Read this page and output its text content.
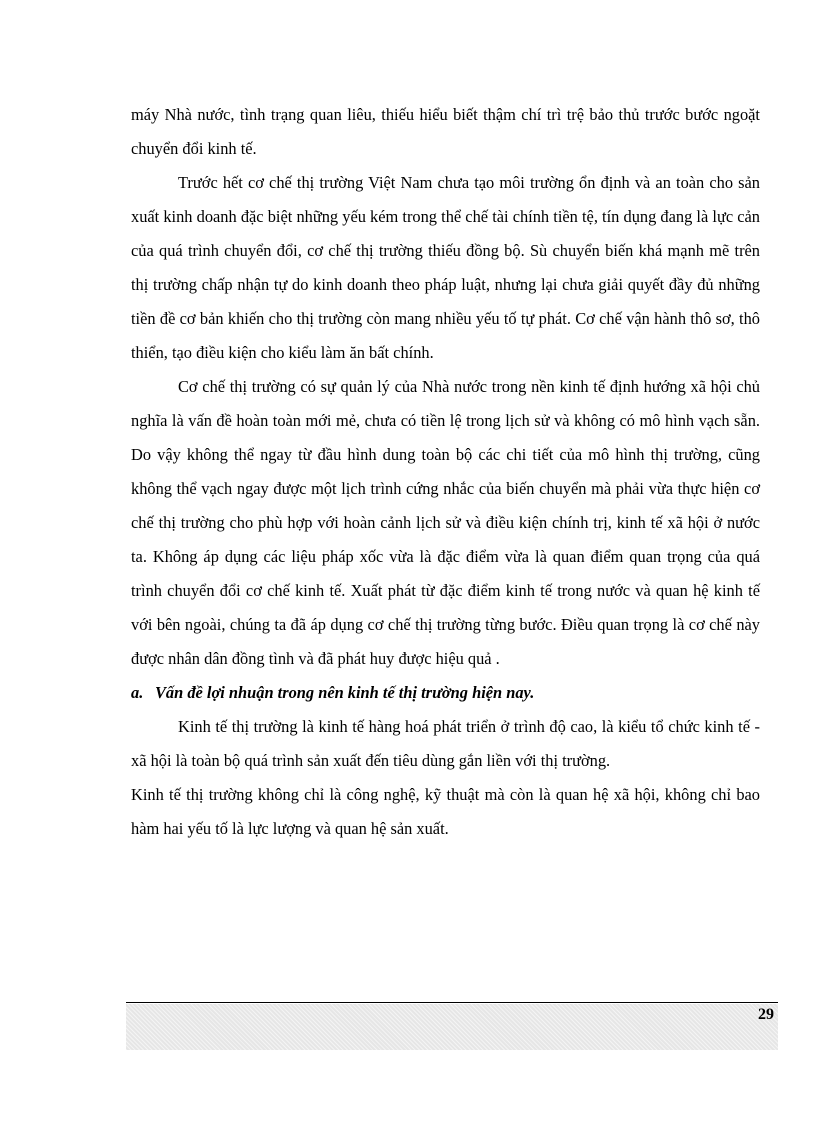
máy Nhà nước, tình trạng quan liêu, thiếu hiểu biết thậm chí trì trệ bảo thủ trước bước ngoặt chuyển đổi kinh tế.

Trước hết cơ chế thị trường Việt Nam chưa tạo môi trường ổn định và an toàn cho sản xuất kinh doanh đặc biệt những yếu kém trong thể chế tài chính tiền tệ, tín dụng đang là lực cản của quá trình chuyển đổi, cơ chế thị trường thiếu đồng bộ. Sù chuyển biến khá mạnh mẽ trên thị trường chấp nhận tự do kinh doanh theo pháp luật, nhưng lại chưa giải quyết đầy đủ những tiền đề cơ bản khiến cho thị trường còn mang nhiều yếu tố tự phát. Cơ chế vận hành thô sơ, thô thiển, tạo điều kiện cho kiểu làm ăn bất chính.

Cơ chế thị trường có sự quản lý của Nhà nước trong nền kinh tế định hướng xã hội chủ nghĩa là vấn đề hoàn toàn mới mẻ, chưa có tiền lệ trong lịch sử và không có mô hình vạch sẵn. Do vậy không thể ngay từ đầu hình dung toàn bộ các chi tiết của mô hình thị trường, cũng không thể vạch ngay được một lịch trình cứng nhắc của biến chuyển mà phải vừa thực hiện cơ chế thị trường cho phù hợp với hoàn cảnh lịch sử và điều kiện chính trị, kinh tế xã hội ở nước ta. Không áp dụng các liệu pháp xốc vừa là đặc điểm vừa là quan điểm quan trọng của quá trình chuyển đổi cơ chế kinh tế. Xuất phát từ đặc điểm kinh tế trong nước và quan hệ kinh tế với bên ngoài, chúng ta đã áp dụng cơ chế thị trường từng bước. Điều quan trọng là cơ chế này được nhân dân đồng tình và đã phát huy được hiệu quả .

a. Vấn đề lợi nhuận trong nên kinh tế thị trường hiện nay.

Kinh tế thị trường là kinh tế hàng hoá phát triển ở trình độ cao, là kiểu tổ chức kinh tế - xã hội là toàn bộ quá trình sản xuất đến tiêu dùng gắn liền với thị trường.

Kinh tế thị trường không chỉ là công nghệ, kỹ thuật mà còn là quan hệ xã hội, không chỉ bao hàm hai yếu tố là lực lượng và quan hệ sản xuất.

29
